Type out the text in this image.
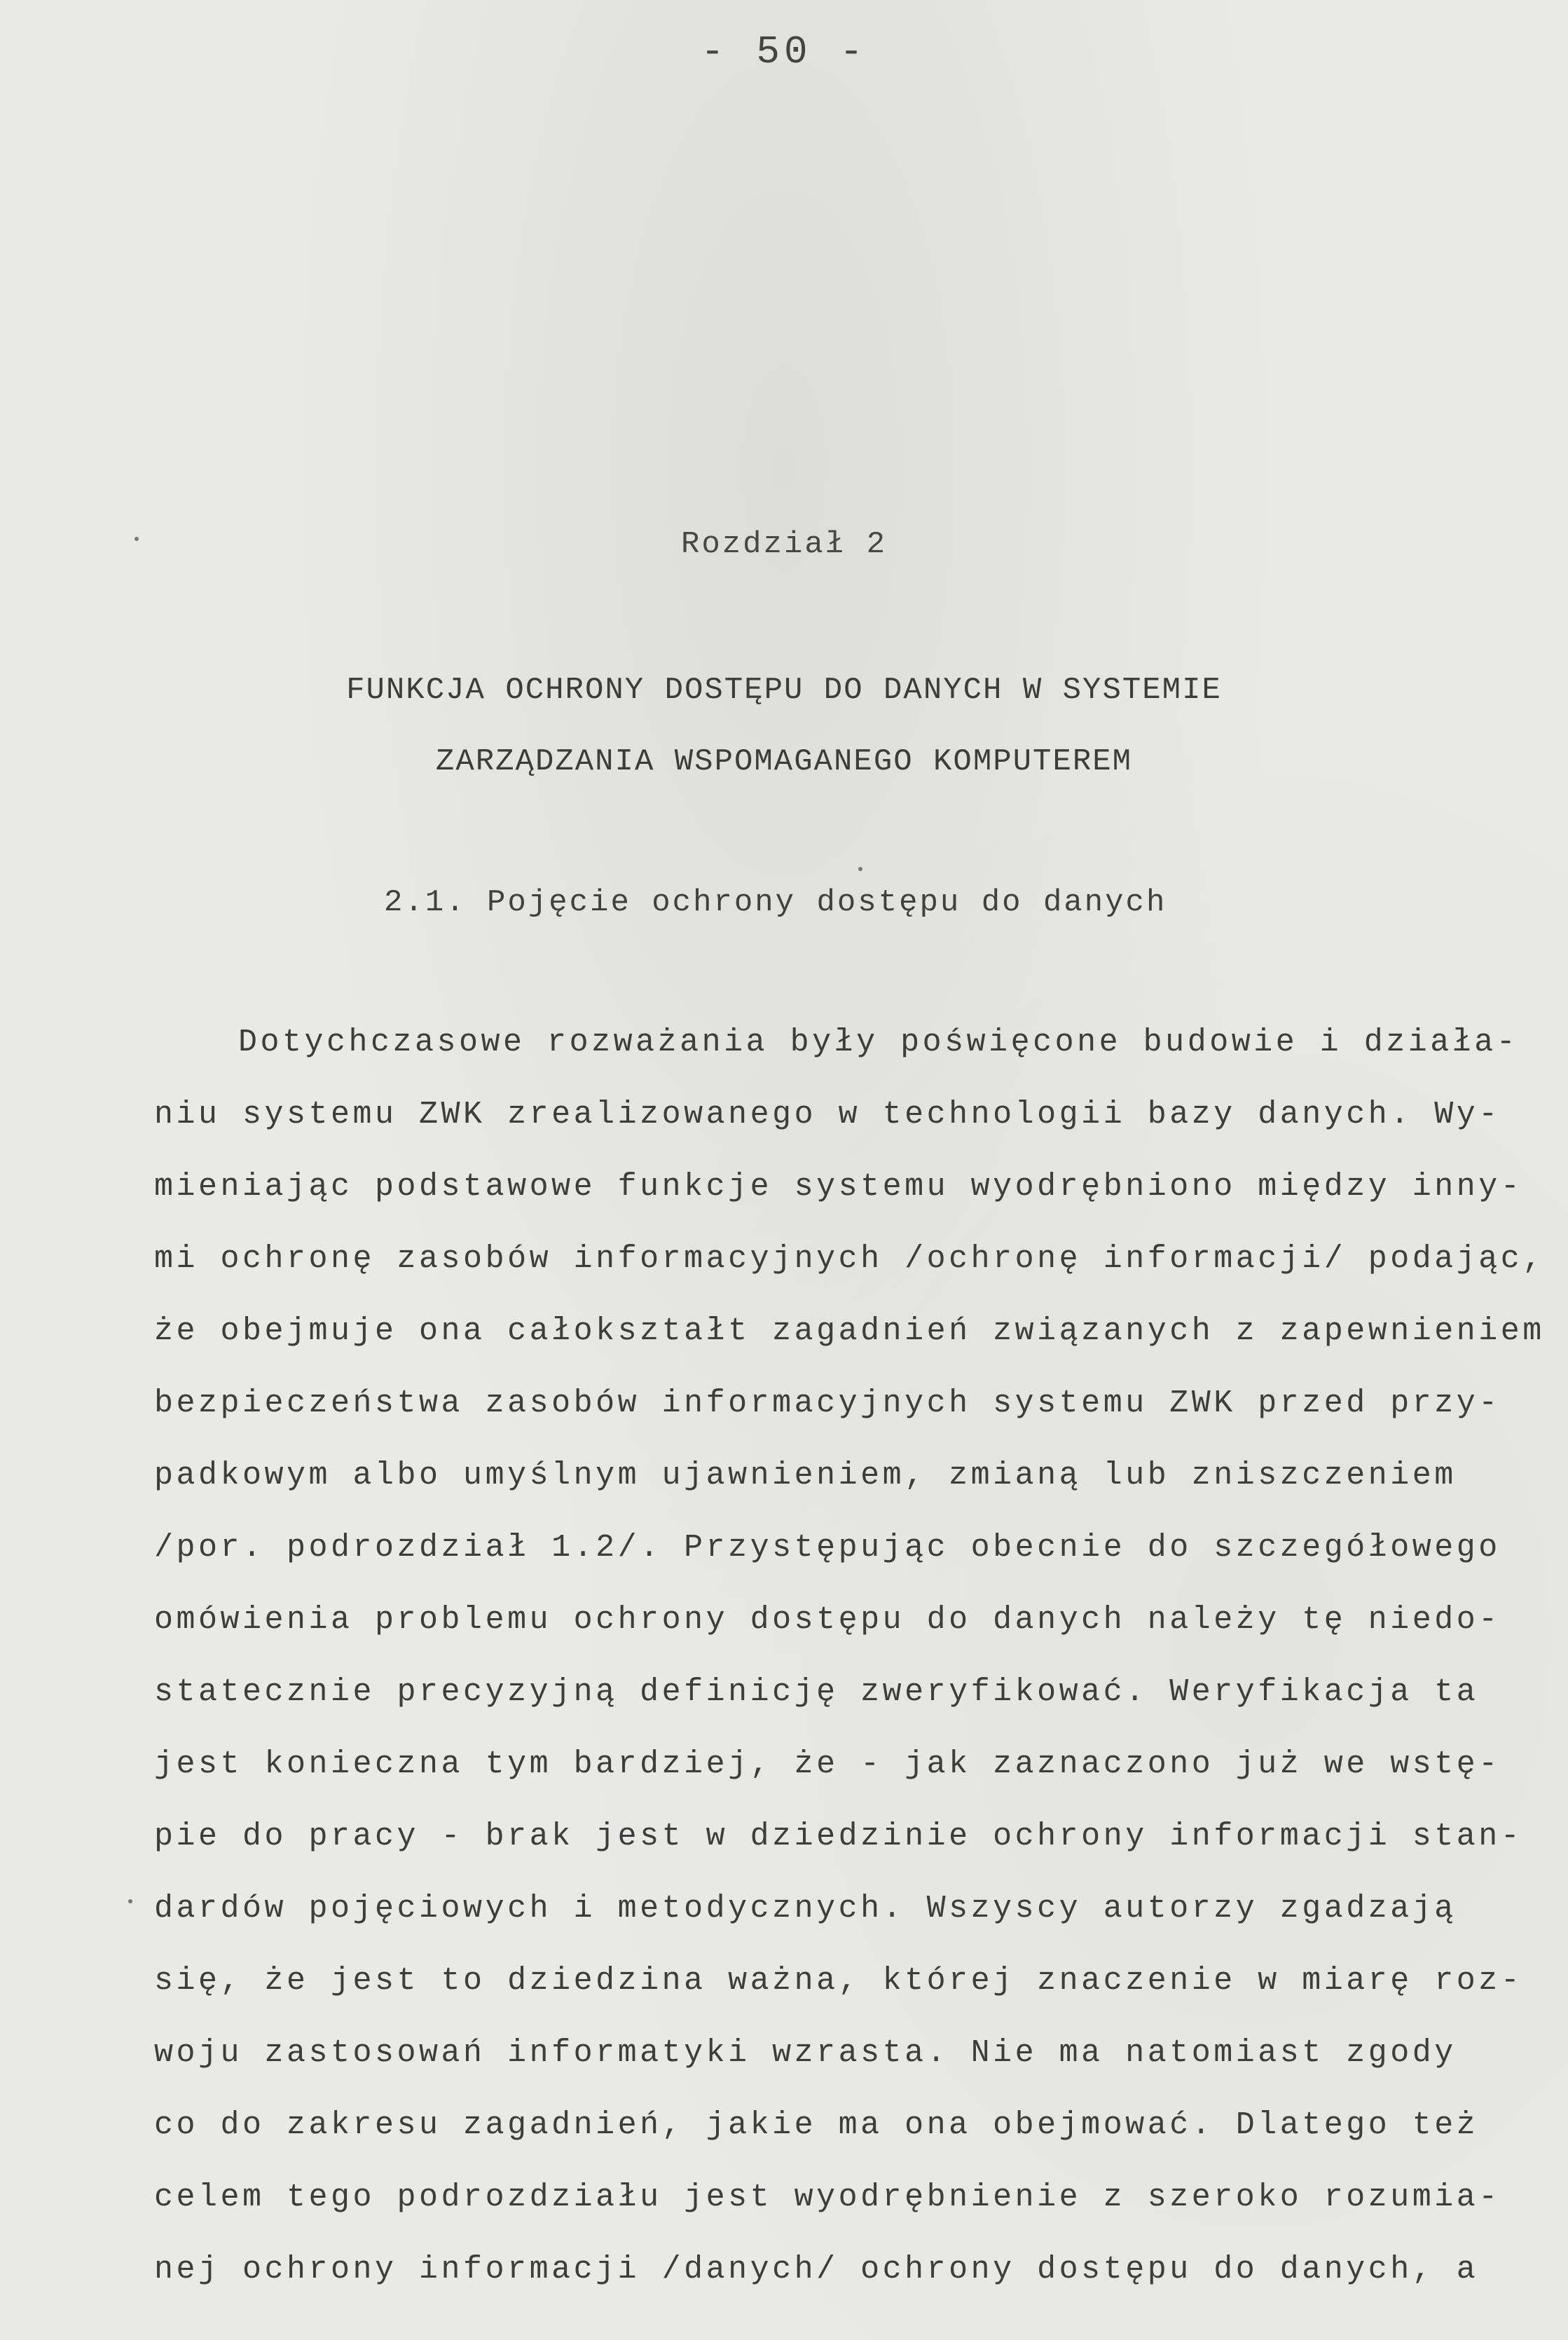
- 50 -
Rozdział 2
FUNKCJA OCHRONY DOSTĘPU DO DANYCH W SYSTEMIE
ZARZĄDZANIA WSPOMAGANEGO KOMPUTEREM
2.1. Pojęcie ochrony dostępu do danych
Dotychczasowe rozważania były poświęcone budowie i działa-
niu systemu ZWK zrealizowanego w technologii bazy danych. Wy-
mieniając podstawowe funkcje systemu wyodrębniono między inny-
mi ochronę zasobów informacyjnych /ochronę informacji/ podając,
że obejmuje ona całokształt zagadnień związanych z zapewnieniem
bezpieczeństwa zasobów informacyjnych systemu ZWK przed przy-
padkowym albo umyślnym ujawnieniem, zmianą lub zniszczeniem
/por. podrozdział 1.2/. Przystępując obecnie do szczegółowego
omówienia problemu ochrony dostępu do danych należy tę niedo-
statecznie precyzyjną definicję zweryfikować. Weryfikacja ta
jest konieczna tym bardziej, że - jak zaznaczono już we wstę-
pie do pracy - brak jest w dziedzinie ochrony informacji stan-
dardów pojęciowych i metodycznych. Wszyscy autorzy zgadzają
się, że jest to dziedzina ważna, której znaczenie w miarę roz-
woju zastosowań informatyki wzrasta. Nie ma natomiast zgody
co do zakresu zagadnień, jakie ma ona obejmować. Dlatego też
celem tego podrozdziału jest wyodrębnienie z szeroko rozumia-
nej ochrony informacji /danych/ ochrony dostępu do danych, a
